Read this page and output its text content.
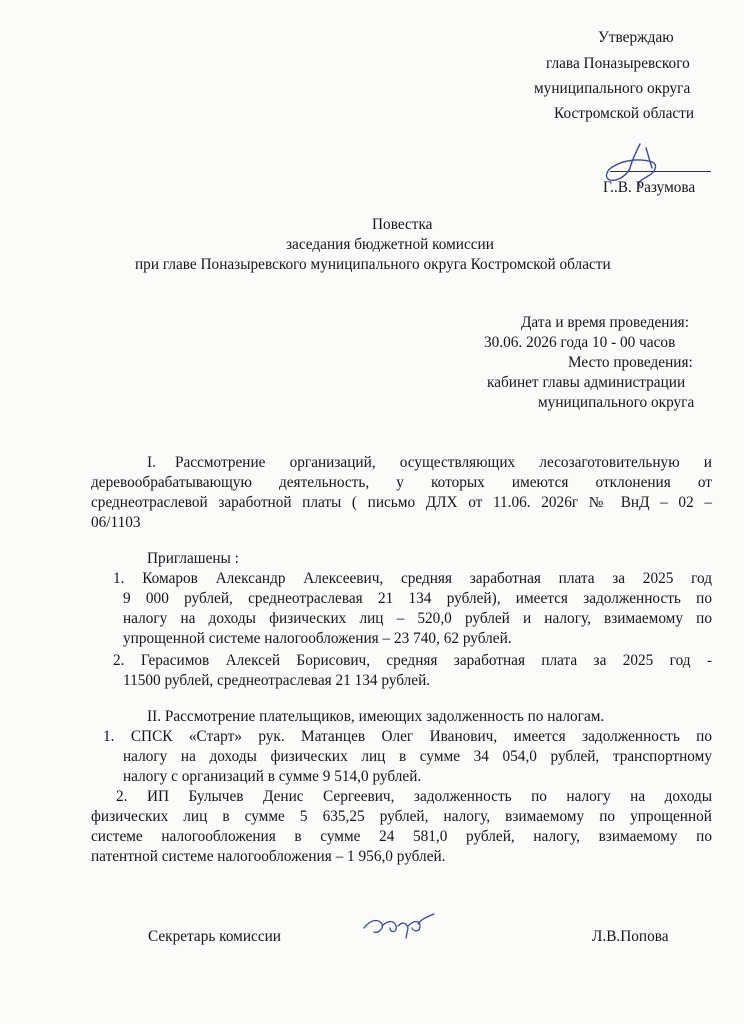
Утверждаю
глава Поназыревского
муниципального округа
Костромской области
Г..В. Разумова
Повестка
заседания бюджетной комиссии
при главе Поназыревского муниципального округа Костромской области
Дата и время проведения:
30.06. 2026 года 10 - 00 часов
Место проведения:
кабинет главы администрации
муниципального округа
I. Рассмотрение организаций, осуществляющих лесозаготовительную и
деревообрабатывающую деятельность, у которых имеются отклонения от
среднеотраслевой заработной платы ( письмо ДЛХ от 11.06. 2026г № ВнД – 02 –
06/1103
Приглашены :
1. Комаров Александр Алексеевич, средняя заработная плата за 2025 год
9 000 рублей, среднеотраслевая 21 134 рублей), имеется задолженность по
налогу на доходы физических лиц – 520,0 рублей и налогу, взимаемому по
упрощенной системе налогообложения – 23 740, 62 рублей.
2. Герасимов Алексей Борисович, средняя заработная плата за 2025 год -
11500 рублей, среднеотраслевая 21 134 рублей.
II. Рассмотрение плательщиков, имеющих задолженность по налогам.
1. СПСК «Старт» рук. Матанцев Олег Иванович, имеется задолженность по
налогу на доходы физических лиц в сумме 34 054,0 рублей, транспортному
налогу с организаций в сумме 9 514,0 рублей.
2. ИП Булычев Денис Сергеевич, задолженность по налогу на доходы
физических лиц в сумме 5 635,25 рублей, налогу, взимаемому по упрощенной
системе налогообложения в сумме 24 581,0 рублей, налогу, взимаемому по
патентной системе налогообложения – 1 956,0 рублей.
Секретарь комиссии	Л.В.Попова
